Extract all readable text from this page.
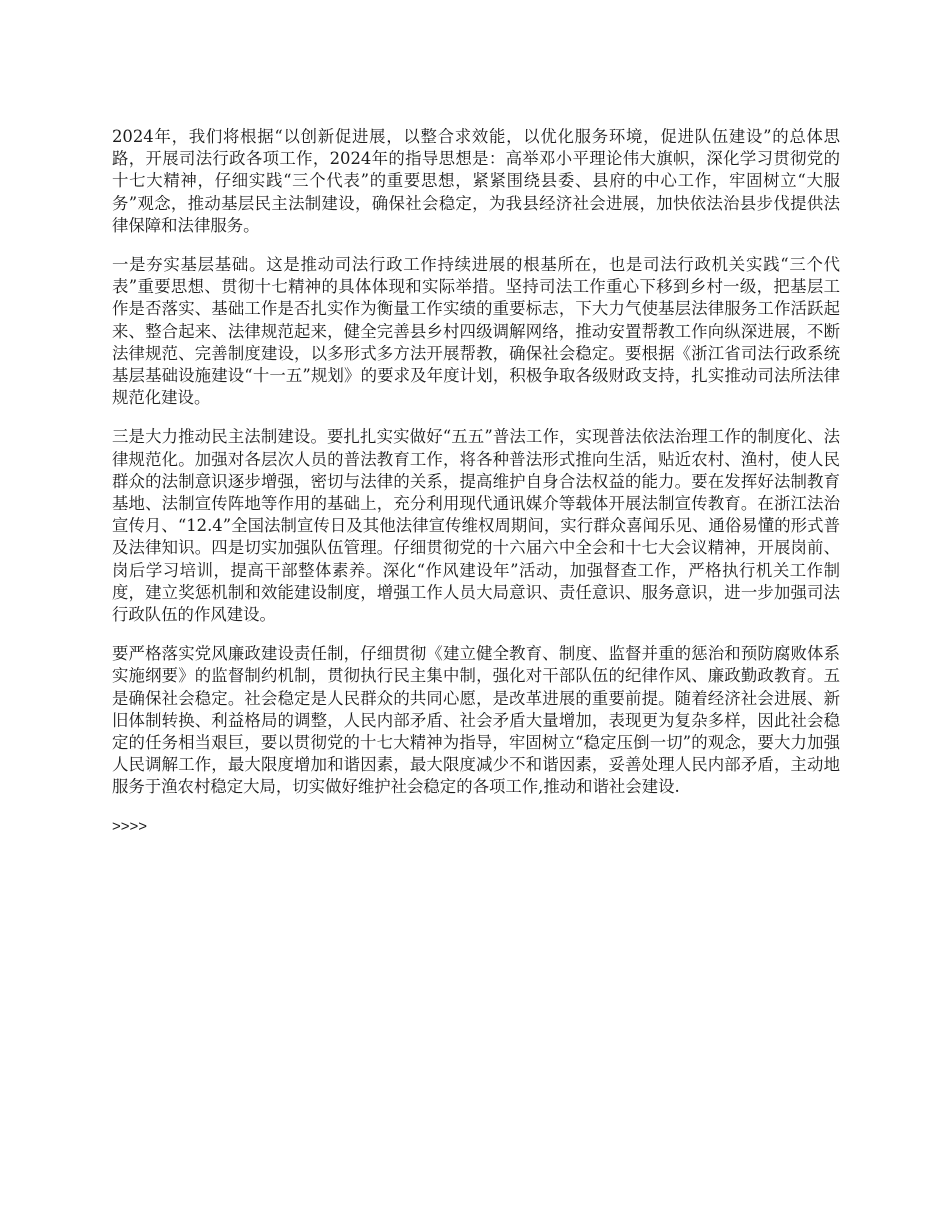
2024年，我们将根据“以创新促进展，以整合求效能，以优化服务环境，促进队伍建设”的总体思路，开展司法行政各项工作，2024年的指导思想是：高举邓小平理论伟大旗帜，深化学习贯彻党的十七大精神，仔细实践“三个代表”的重要思想，紧紧围绕县委、县府的中心工作，牢固树立“大服务”观念，推动基层民主法制建设，确保社会稳定，为我县经济社会进展，加快依法治县步伐提供法律保障和法律服务。

一是夯实基层基础。这是推动司法行政工作持续进展的根基所在，也是司法行政机关实践“三个代表”重要思想、贯彻十七精神的具体体现和实际举措。坚持司法工作重心下移到乡村一级，把基层工作是否落实、基础工作是否扎实作为衡量工作实绩的重要标志，下大力气使基层法律服务工作活跃起来、整合起来、法律规范起来，健全完善县乡村四级调解网络，推动安置帮教工作向纵深进展，不断法律规范、完善制度建设，以多形式多方法开展帮教，确保社会稳定。要根据《浙江省司法行政系统基层基础设施建设“十一五”规划》的要求及年度计划，积极争取各级财政支持，扎实推动司法所法律规范化建设。

三是大力推动民主法制建设。要扎扎实实做好“五五”普法工作，实现普法依法治理工作的制度化、法律规范化。加强对各层次人员的普法教育工作，将各种普法形式推向生活，贴近农村、渔村，使人民群众的法制意识逐步增强，密切与法律的关系，提高维护自身合法权益的能力。要在发挥好法制教育基地、法制宣传阵地等作用的基础上，充分利用现代通讯媒介等载体开展法制宣传教育。在浙江法治宣传月、“12.4”全国法制宣传日及其他法律宣传维权周期间，实行群众喜闻乐见、通俗易懂的形式普及法律知识。四是切实加强队伍管理。仔细贯彻党的十六届六中全会和十七大会议精神，开展岗前、岗后学习培训，提高干部整体素养。深化“作风建设年”活动，加强督查工作，严格执行机关工作制度，建立奖惩机制和效能建设制度，增强工作人员大局意识、责任意识、服务意识，进一步加强司法行政队伍的作风建设。

要严格落实党风廉政建设责任制，仔细贯彻《建立健全教育、制度、监督并重的惩治和预防腐败体系实施纲要》的监督制约机制，贯彻执行民主集中制，强化对干部队伍的纪律作风、廉政勤政教育。五是确保社会稳定。社会稳定是人民群众的共同心愿，是改革进展的重要前提。随着经济社会进展、新旧体制转换、利益格局的调整，人民内部矛盾、社会矛盾大量增加，表现更为复杂多样，因此社会稳定的任务相当艰巨，要以贯彻党的十七大精神为指导，牢固树立“稳定压倒一切”的观念，要大力加强人民调解工作，最大限度增加和谐因素，最大限度减少不和谐因素，妥善处理人民内部矛盾，主动地服务于渔农村稳定大局，切实做好维护社会稳定的各项工作,推动和谐社会建设.

>>>>
